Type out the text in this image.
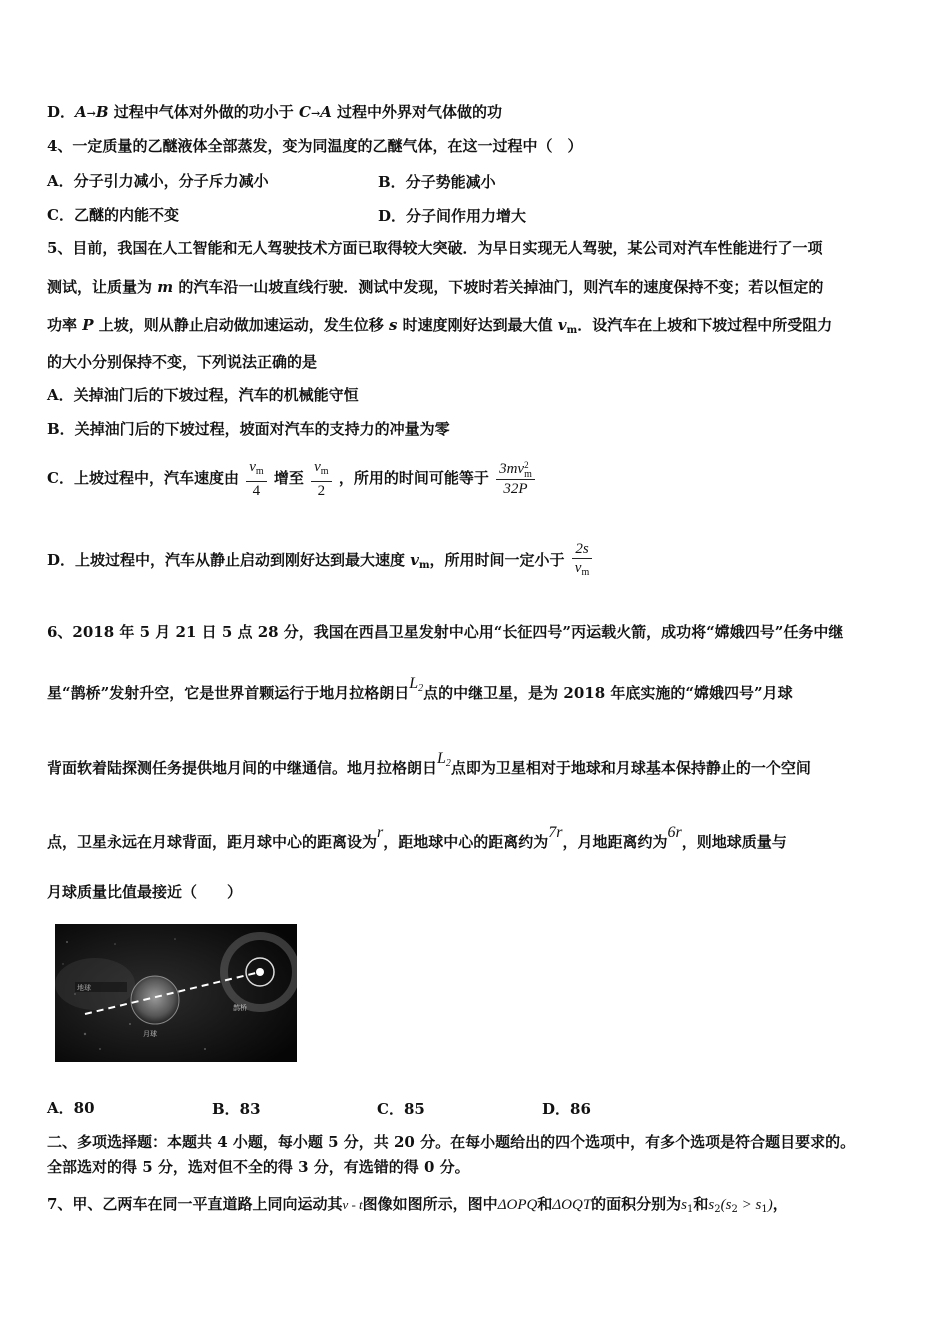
D．A→B 过程中气体对外做的功小于 C→A 过程中外界对气体做的功
4、一定质量的乙醚液体全部蒸发，变为同温度的乙醚气体，在这一过程中（　）
A．分子引力减小，分子斥力减小	B．分子势能减小
C．乙醚的内能不变	D．分子间作用力增大
5、目前，我国在人工智能和无人驾驶技术方面已取得较大突破．为早日实现无人驾驶，某公司对汽车性能进行了一项
测试，让质量为 m 的汽车沿一山坡直线行驶．测试中发现，下坡时若关掉油门，则汽车的速度保持不变；若以恒定的
功率 P 上坡，则从静止启动做加速运动，发生位移 s 时速度刚好达到最大值 $v_m$．设汽车在上坡和下坡过程中所受阻力
的大小分别保持不变，下列说法正确的是
A．关掉油门后的下坡过程，汽车的机械能守恒
B．关掉油门后的下坡过程，坡面对汽车的支持力的冲量为零
C．上坡过程中，汽车速度由 $\frac{v_m}{4}$ 增至 $\frac{v_m}{2}$ ，所用的时间可能等于 3mv 2
m
32P
D．上坡过程中，汽车从静止启动到刚好达到最大速度 $v_m$，所用时间一定小于 $\frac{2s}{v_m}$
6、2018 年 5 月 21 日 5 点 28 分，我国在西昌卫星发射中心用“长征四号”丙运载火箭，成功将“嫦娥四号”任务中继
星“鹊桥”发射升空，它是世界首颗运行于地月拉格朗日$L_2$点的中继卫星，是为 2018 年底实施的“嫦娥四号”月球
背面软着陆探测任务提供地月间的中继通信。地月拉格朗日$L_2$点即为卫星相对于地球和月球基本保持静止的一个空间
点，卫星永远在月球背面，距月球中心的距离设为r，距地球中心的距离约为7r，月地距离约为6r，则地球质量与
月球质量比值最接近（　　）
地球
月球
鹊桥
A．80	B．83	C．85	D．86
二、多项选择题：本题共 4 小题，每小题 5 分，共 20 分。在每小题给出的四个选项中，有多个选项是符合题目要求的。
全部选对的得 5 分，选对但不全的得 3 分，有选错的得 0 分。
7、甲、乙两车在同一平直道路上同向运动其v - t图像如图所示，图中ΔOPQ和ΔOQT的面积分别为$s_1$和$s_2(s_2 > s_1)$，
